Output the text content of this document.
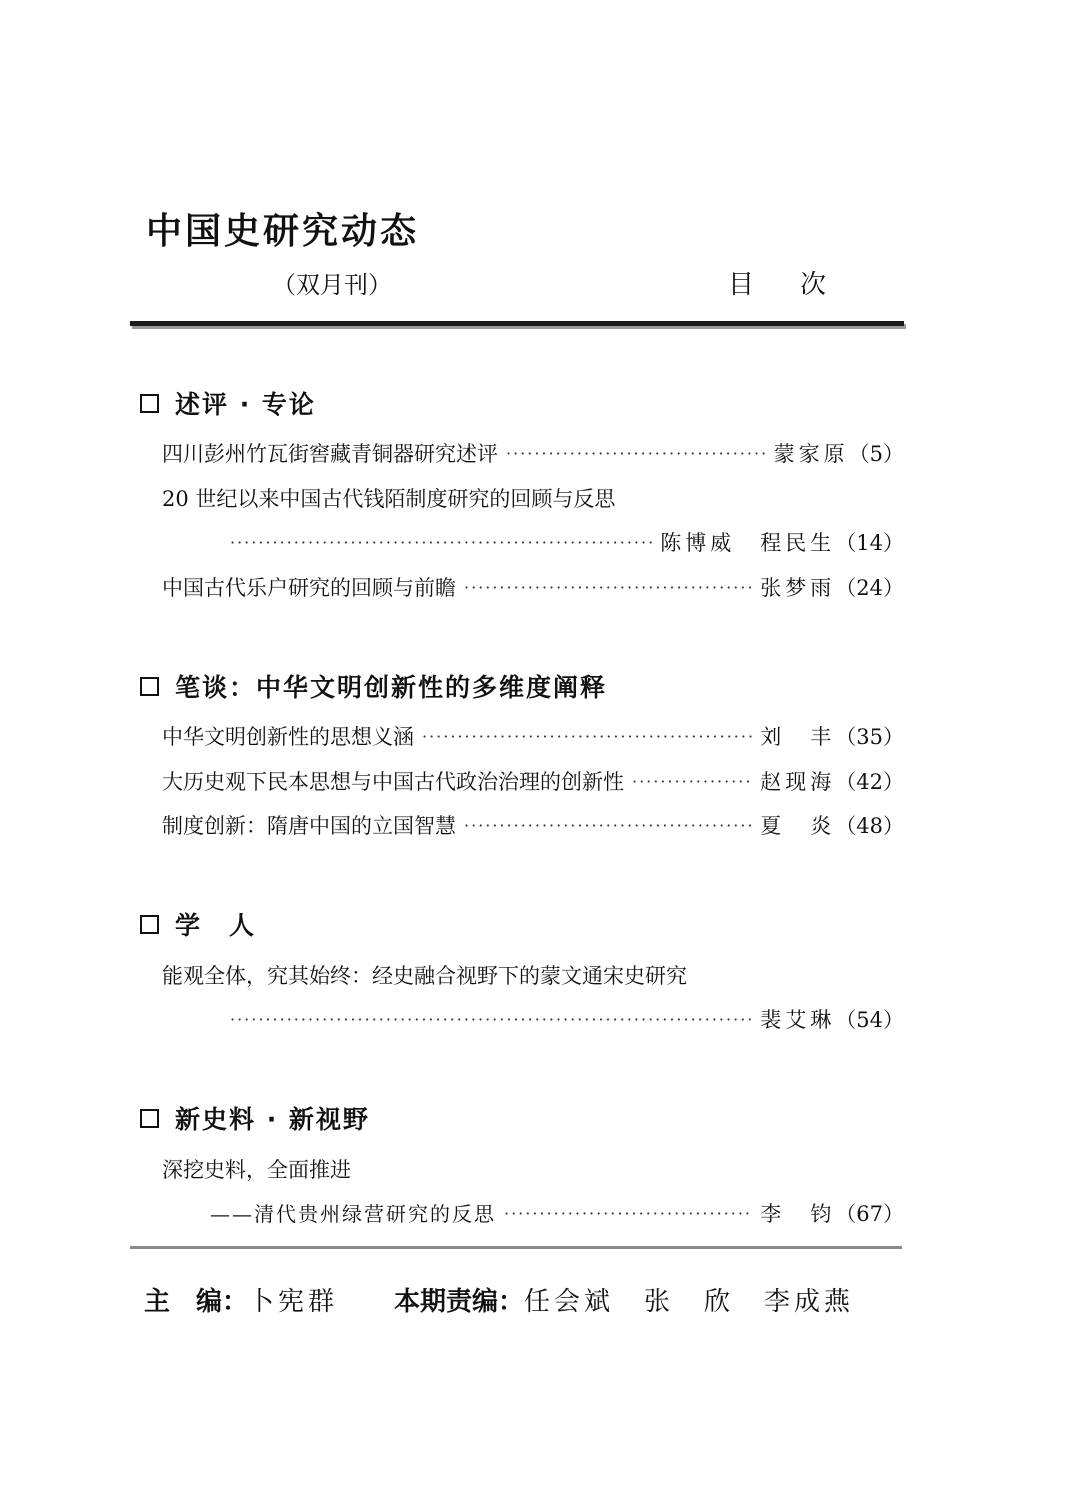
中国史研究动态
（双月刊）	目次
述评 · 专论
四川彭州竹瓦街窖藏青铜器研究述评 ·····	蒙家原 （5）
20 世纪以来中国古代钱陌制度研究的回顾与反思
·····
陈博威　程民生 （14）
中国古代乐户研究的回顾与前瞻 ·····	张梦雨 （24）
笔谈：中华文明创新性的多维度阐释
中华文明创新性的思想义涵 ·····	刘　丰 （35）
大历史观下民本思想与中国古代政治治理的创新性 ·····	赵现海 （42）
制度创新：隋唐中国的立国智慧 ·····	夏　炎 （48）
学　人
能观全体，究其始终：经史融合视野下的蒙文通宋史研究
·····
裴艾琳 （54）
新史料 · 新视野
深挖史料，全面推进
——清代贵州绿营研究的反思 ·····	李　钧 （67）
主　编：卜宪群 本期责编：任会斌　张　欣　李成燕
